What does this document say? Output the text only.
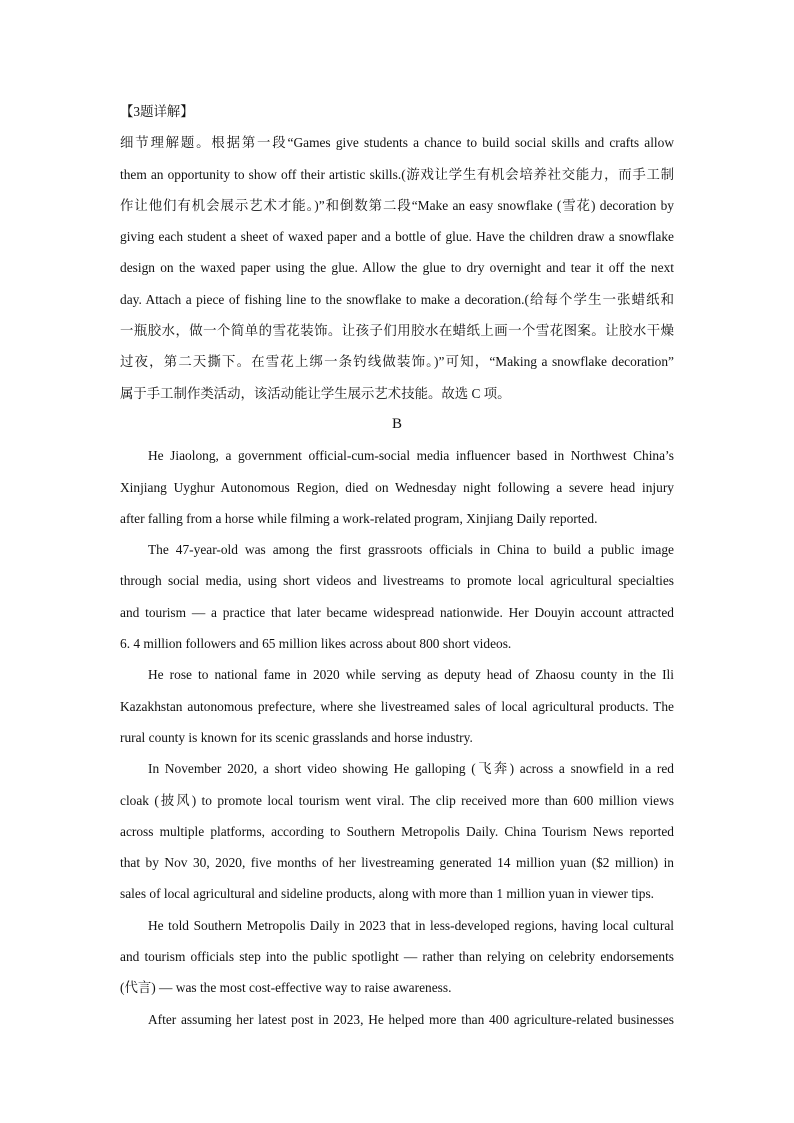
【3题详解】
细节理解题。根据第一段“Games give students a chance to build social skills and crafts allow
them an opportunity to show off their artistic skills.(游戏让学生有机会培养社交能力，而手工制
作让他们有机会展示艺术才能。)”和倒数第二段“Make an easy snowflake (雪花) decoration by
giving each student a sheet of waxed paper and a bottle of glue. Have the children draw a snowflake
design on the waxed paper using the glue. Allow the glue to dry overnight and tear it off the next
day. Attach a piece of fishing line to the snowflake to make a decoration.(给每个学生一张蜡纸和
一瓶胶水，做一个简单的雪花装饰。让孩子们用胶水在蜡纸上画一个雪花图案。让胶水干燥
过夜，第二天撕下。在雪花上绑一条钓线做装饰。)”可知，“Making a snowflake decoration”
属于手工制作类活动，该活动能让学生展示艺术技能。故选 C 项。
B
He Jiaolong, a government official-cum-social media influencer based in Northwest China’s
Xinjiang Uyghur Autonomous Region, died on Wednesday night following a severe head injury
after falling from a horse while filming a work-related program, Xinjiang Daily reported.
The 47-year-old was among the first grassroots officials in China to build a public image
through social media, using short videos and livestreams to promote local agricultural specialties
and tourism — a practice that later became widespread nationwide. Her Douyin account attracted
6. 4 million followers and 65 million likes across about 800 short videos.
He rose to national fame in 2020 while serving as deputy head of Zhaosu county in the Ili
Kazakhstan autonomous prefecture, where she livestreamed sales of local agricultural products. The
rural county is known for its scenic grasslands and horse industry.
In November 2020, a short video showing He galloping (飞奔) across a snowfield in a red
cloak (披风) to promote local tourism went viral. The clip received more than 600 million views
across multiple platforms, according to Southern Metropolis Daily. China Tourism News reported
that by Nov 30, 2020, five months of her livestreaming generated 14 million yuan ($2 million) in
sales of local agricultural and sideline products, along with more than 1 million yuan in viewer tips.
He told Southern Metropolis Daily in 2023 that in less-developed regions, having local cultural
and tourism officials step into the public spotlight — rather than relying on celebrity endorsements
(代言) — was the most cost-effective way to raise awareness.
After assuming her latest post in 2023, He helped more than 400 agriculture-related businesses
